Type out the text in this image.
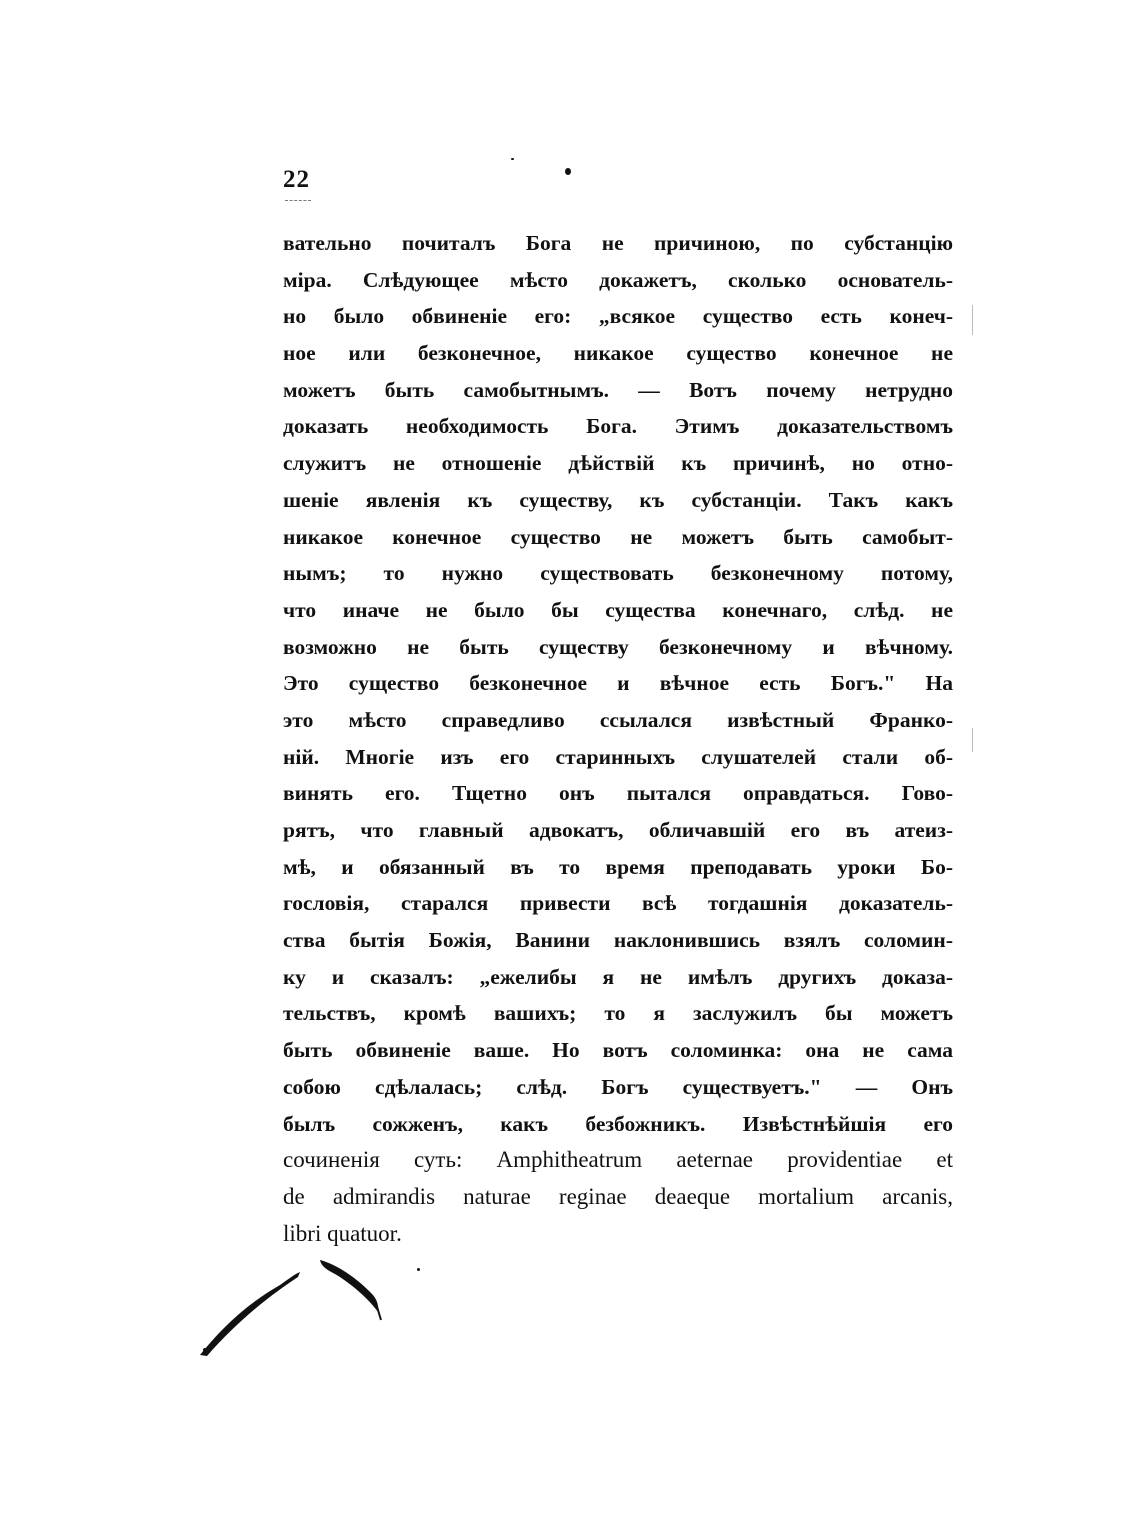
22
вательно почиталъ Бога не причиною, по субстанцію
міра. Слѣдующее мѣсто докажетъ, сколько основатель-
но было обвиненіе его: „всякое существо есть конеч-
ное или безконечное, никакое существо конечное не
можетъ быть самобытнымъ. — Вотъ почему нетрудно
доказать необходимость Бога. Этимъ доказательствомъ
служитъ не отношеніе дѣйствій къ причинѣ, но отно-
шеніе явленія къ существу, къ субстанціи. Такъ какъ
никакое конечное существо не можетъ быть самобыт-
нымъ; то нужно существовать безконечному потому,
что иначе не было бы существа конечнаго, слѣд. не
возможно не быть существу безконечному и вѣчному.
Это существо безконечное и вѣчное есть Богъ." На
это мѣсто справедливо ссылался извѣстный Франко-
ній. Многіе изъ его старинныхъ слушателей стали об-
винять его. Тщетно онъ пытался оправдаться. Гово-
рятъ, что главный адвокатъ, обличавшій его въ атеиз-
мѣ, и обязанный въ то время преподавать уроки Бо-
гословія, старался привести всѣ тогдашнія доказатель-
ства бытія Божія, Ванини наклонившись взялъ соломин-
ку и сказалъ: „ежелибы я не имѣлъ другихъ доказа-
тельствъ, кромѣ вашихъ; то я заслужилъ бы можетъ
быть обвиненіе ваше. Но вотъ соломинка: она не сама
собою сдѣлалась; слѣд. Богъ существуетъ." — Онъ
былъ сожженъ, какъ безбожникъ. Извѣстнѣйшія его
сочиненія суть: Amphitheatrum aeternae providentiae et
de admirandis naturae reginae deaeque mortalium arcanis,
libri quatuor.
